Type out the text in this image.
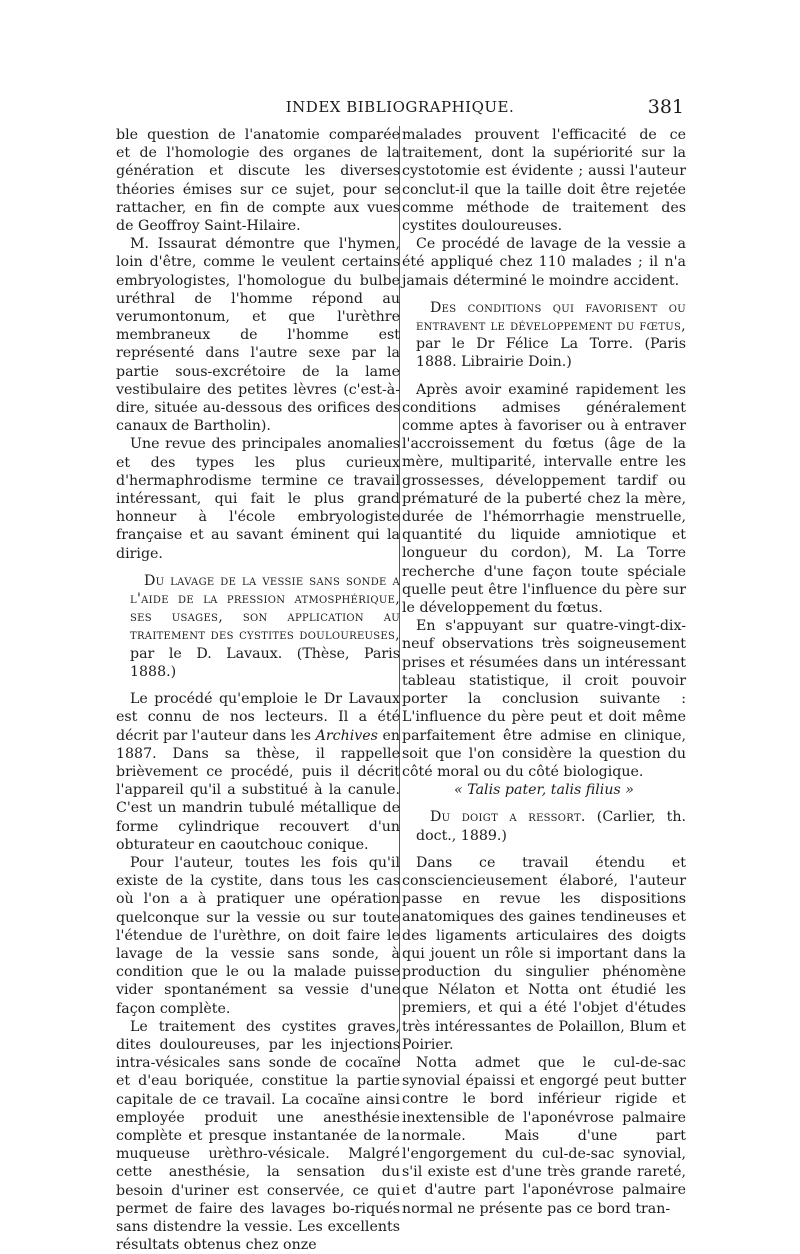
INDEX BIBLIOGRAPHIQUE.	381

ble question de l'anatomie comparée et de l'homologie des organes de la génération et discute les diverses théories émises sur ce sujet, pour se rattacher, en fin de compte aux vues de Geoffroy Saint-Hilaire.

M. Issaurat démontre que l'hymen, loin d'être, comme le veulent certains embryologistes, l'homologue du bulbe uréthral de l'homme répond au verumontonum, et que l'urèthre membraneux de l'homme est représenté dans l'autre sexe par la partie sous-excrétoire de la lame vestibulaire des petites lèvres (c'est-à-dire, située au-dessous des orifices des canaux de Bartholin).

Une revue des principales anomalies et des types les plus curieux d'hermaphrodisme termine ce travail intéressant, qui fait le plus grand honneur à l'école embryologiste française et au savant éminent qui la dirige.

Du lavage de la vessie sans sonde a l'aide de la pression atmosphérique, ses usages, son application au traitement des cystites douloureuses, par le D. Lavaux. (Thèse, Paris 1888.)

Le procédé qu'emploie le Dr Lavaux est connu de nos lecteurs. Il a été décrit par l'auteur dans les Archives en 1887. Dans sa thèse, il rappelle brièvement ce procédé, puis il décrit l'appareil qu'il a substitué à la canule. C'est un mandrin tubulé métallique de forme cylindrique recouvert d'un obturateur en caoutchouc conique.

Pour l'auteur, toutes les fois qu'il existe de la cystite, dans tous les cas où l'on a à pratiquer une opération quelconque sur la vessie ou sur toute l'étendue de l'urèthre, on doit faire le lavage de la vessie sans sonde, à condition que le ou la malade puisse vider spontanément sa vessie d'une façon complète.

Le traitement des cystites graves, dites douloureuses, par les injections intra-vésicales sans sonde de cocaïne et d'eau boriquée, constitue la partie capitale de ce travail. La cocaïne ainsi employée produit une anesthésie complète et presque instantanée de la muqueuse urèthro-vésicale. Malgré cette anesthésie, la sensation du besoin d'uriner est conservée, ce qui permet de faire des lavages bo-riqués sans distendre la vessie. Les excellents résultats obtenus chez onze

malades prouvent l'efficacité de ce traitement, dont la supériorité sur la cystotomie est évidente ; aussi l'auteur conclut-il que la taille doit être rejetée comme méthode de traitement des cystites douloureuses.

Ce procédé de lavage de la vessie a été appliqué chez 110 malades ; il n'a jamais déterminé le moindre accident.

Des conditions qui favorisent ou entravent le développement du fœtus, par le Dr Félice La Torre. (Paris 1888. Librairie Doin.)

Après avoir examiné rapidement les conditions admises généralement comme aptes à favoriser ou à entraver l'accroissement du fœtus (âge de la mère, multiparité, intervalle entre les grossesses, développement tardif ou prématuré de la puberté chez la mère, durée de l'hémorrhagie menstruelle, quantité du liquide amniotique et longueur du cordon), M. La Torre recherche d'une façon toute spéciale quelle peut être l'influence du père sur le développement du fœtus.

En s'appuyant sur quatre-vingt-dix-neuf observations très soigneusement prises et résumées dans un intéressant tableau statistique, il croit pouvoir porter la conclusion suivante : L'influence du père peut et doit même parfaitement être admise en clinique, soit que l'on considère la question du côté moral ou du côté biologique.

« Talis pater, talis filius »

Du doigt a ressort. (Carlier, th. doct., 1889.)

Dans ce travail étendu et consciencieusement élaboré, l'auteur passe en revue les dispositions anatomiques des gaines tendineuses et des ligaments articulaires des doigts qui jouent un rôle si important dans la production du singulier phénomène que Nélaton et Notta ont étudié les premiers, et qui a été l'objet d'études très intéressantes de Polaillon, Blum et Poirier.

Notta admet que le cul-de-sac synovial épaissi et engorgé peut butter contre le bord inférieur rigide et inextensible de l'aponévrose palmaire normale. Mais d'une part l'engorgement du cul-de-sac synovial, s'il existe est d'une très grande rareté, et d'autre part l'aponévrose palmaire normal ne présente pas ce bord tran-
